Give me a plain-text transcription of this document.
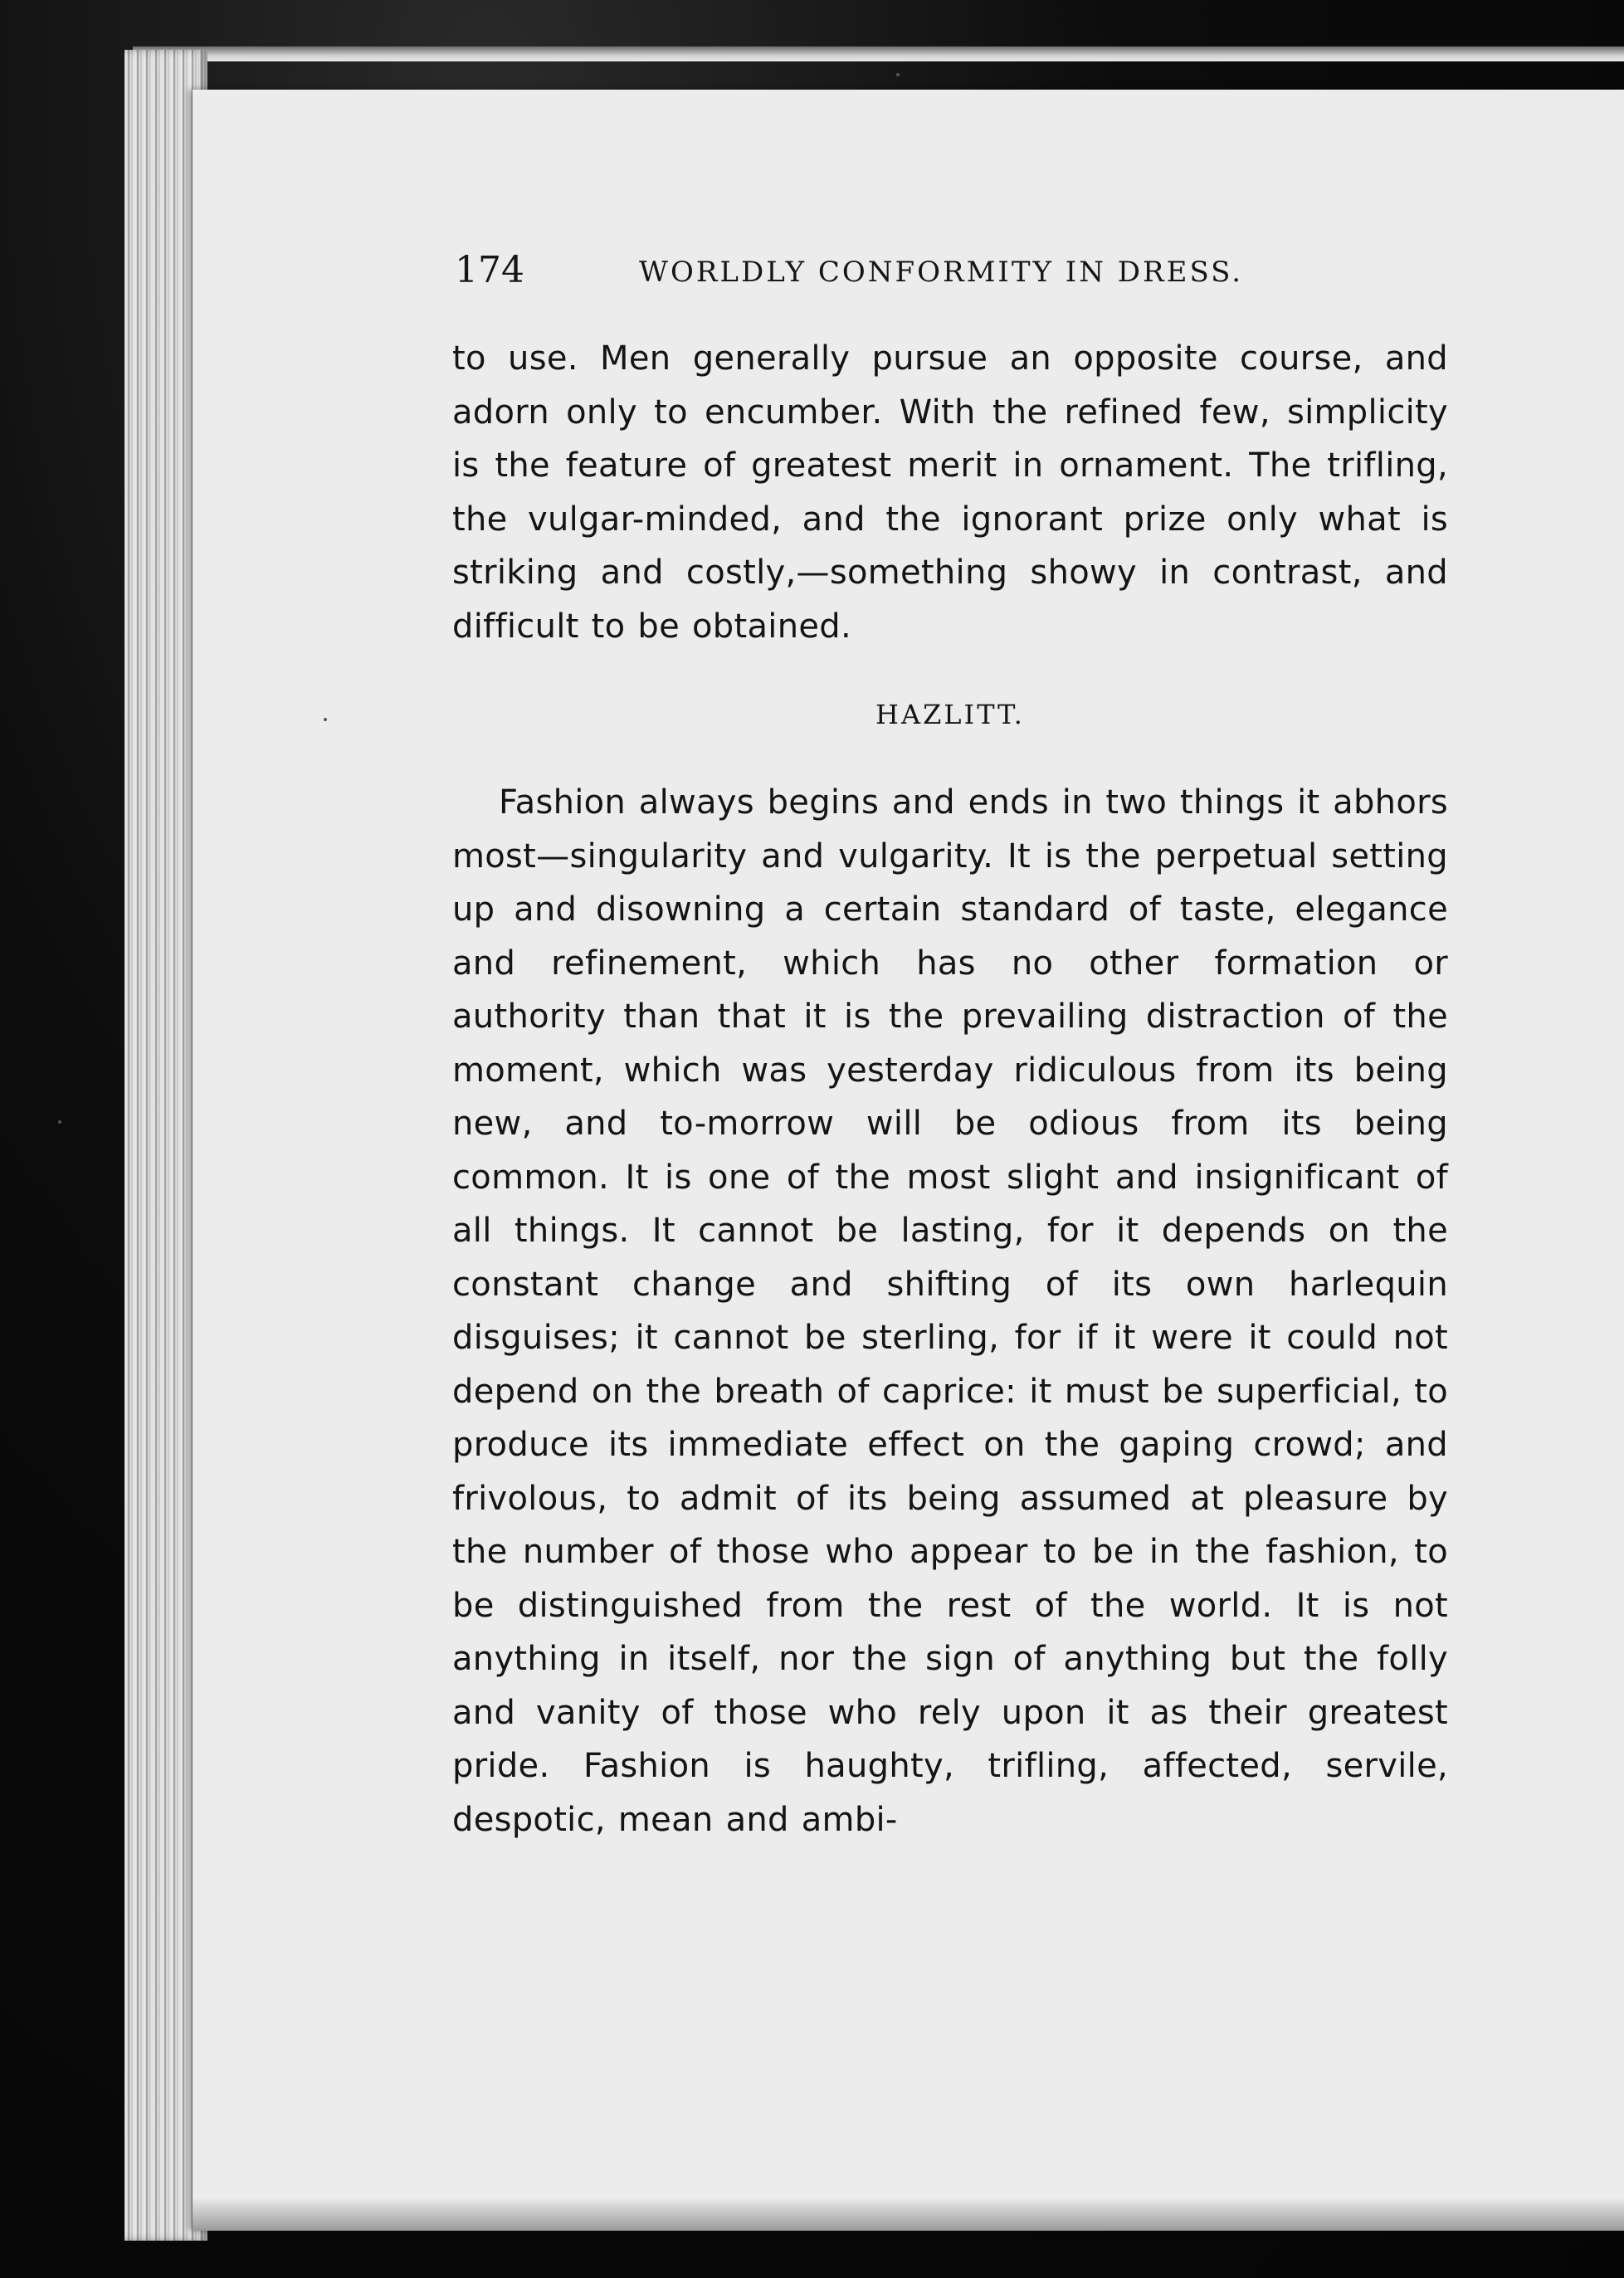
174	WORLDLY CONFORMITY IN DRESS.

to use. Men generally pursue an opposite course, and adorn only to encumber. With the refined few, simplicity is the feature of greatest merit in ornament. The trifling, the vulgar-minded, and the ignorant prize only what is striking and costly,—something showy in contrast, and difficult to be obtained.

HAZLITT.

Fashion always begins and ends in two things it abhors most—singularity and vulgarity. It is the perpetual setting up and disowning a certain standard of taste, elegance and refinement, which has no other formation or authority than that it is the prevailing distraction of the moment, which was yesterday ridiculous from its being new, and to-morrow will be odious from its being common. It is one of the most slight and insignificant of all things. It cannot be lasting, for it depends on the constant change and shifting of its own harlequin disguises; it cannot be sterling, for if it were it could not depend on the breath of caprice: it must be superficial, to produce its immediate effect on the gaping crowd; and frivolous, to admit of its being assumed at pleasure by the number of those who appear to be in the fashion, to be distinguished from the rest of the world. It is not anything in itself, nor the sign of anything but the folly and vanity of those who rely upon it as their greatest pride. Fashion is haughty, trifling, affected, servile, despotic, mean and ambi-
